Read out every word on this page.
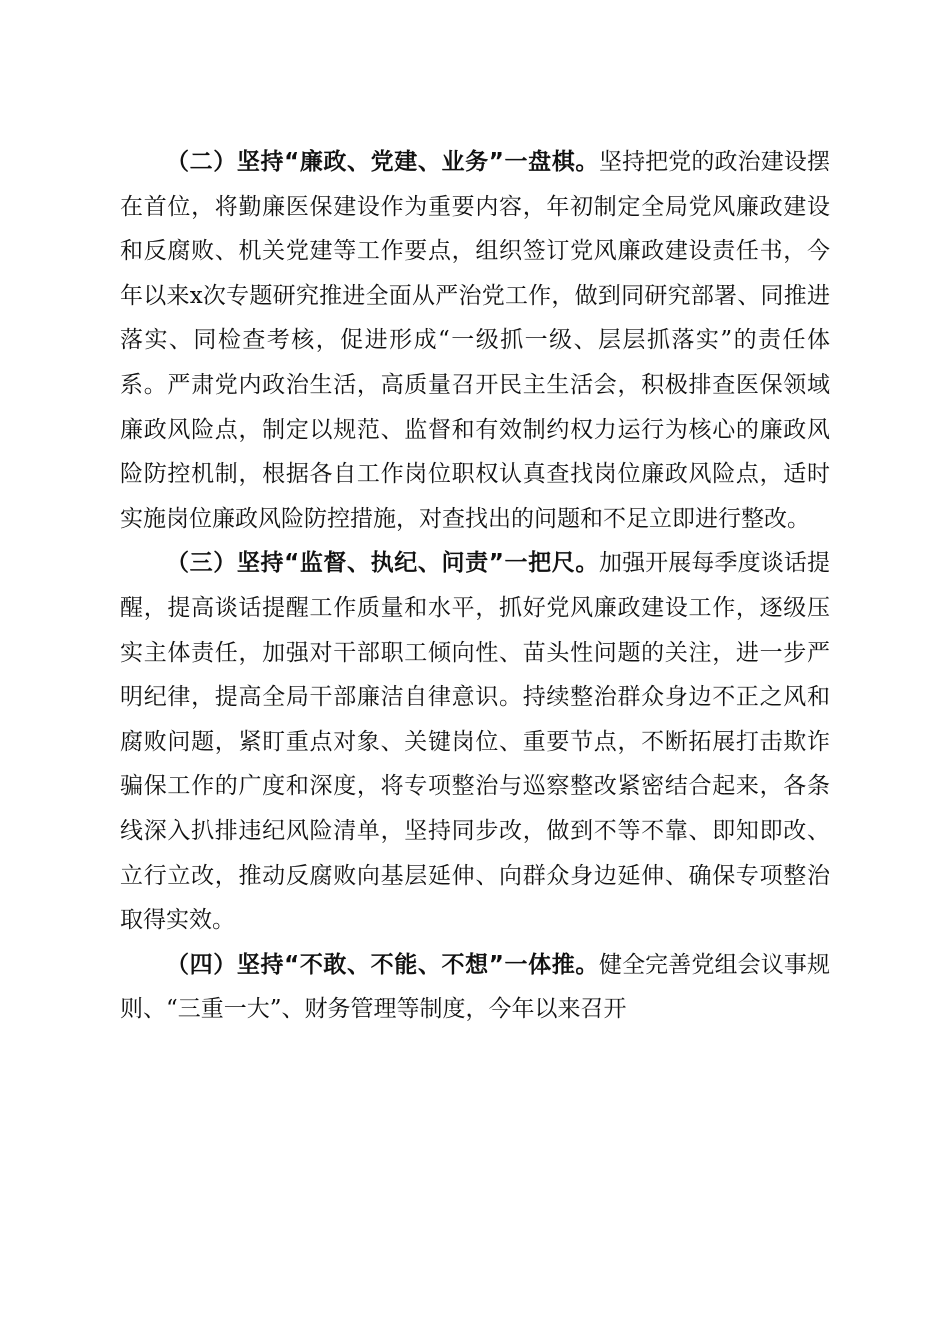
（二）坚持“廉政、党建、业务”一盘棋。坚持把党的政治建设摆在首位，将勤廉医保建设作为重要内容，年初制定全局党风廉政建设和反腐败、机关党建等工作要点，组织签订党风廉政建设责任书，今年以来x次专题研究推进全面从严治党工作，做到同研究部署、同推进落实、同检查考核，促进形成“一级抓一级、层层抓落实”的责任体系。严肃党内政治生活，高质量召开民主生活会，积极排查医保领域廉政风险点，制定以规范、监督和有效制约权力运行为核心的廉政风险防控机制，根据各自工作岗位职权认真查找岗位廉政风险点，适时实施岗位廉政风险防控措施，对查找出的问题和不足立即进行整改。

（三）坚持“监督、执纪、问责”一把尺。加强开展每季度谈话提醒，提高谈话提醒工作质量和水平，抓好党风廉政建设工作，逐级压实主体责任，加强对干部职工倾向性、苗头性问题的关注，进一步严明纪律，提高全局干部廉洁自律意识。持续整治群众身边不正之风和腐败问题，紧盯重点对象、关键岗位、重要节点，不断拓展打击欺诈骗保工作的广度和深度，将专项整治与巡察整改紧密结合起来，各条线深入扒排违纪风险清单，坚持同步改，做到不等不靠、即知即改、立行立改，推动反腐败向基层延伸、向群众身边延伸、确保专项整治取得实效。

（四）坚持“不敢、不能、不想”一体推。健全完善党组会议事规则、“三重一大”、财务管理等制度，今年以来召开
